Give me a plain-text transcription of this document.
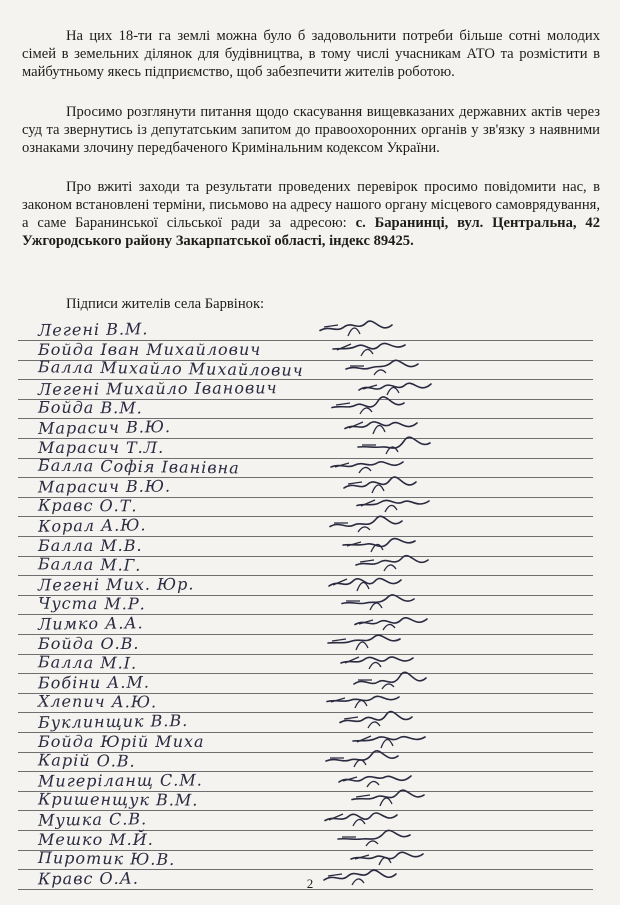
На цих 18-ти га землі можна було б задовольнити потреби більше сотні молодих сімей в земельних ділянок для будівництва, в тому числі учасникам АТО та розмістити в майбутньому якесь підприємство, щоб забезпечити жителів роботою.

Просимо розглянути питання щодо скасування вищевказаних державних актів через суд та звернутись із депутатським запитом до правоохоронних органів у зв'язку з наявними ознаками злочину передбаченого Кримінальним кодексом України.

Про вжиті заходи та результати проведених перевірок просимо повідомити нас, в законом встановлені терміни, письмово на адресу нашого органу місцевого самоврядування, а саме Баранинської сільської ради за адресою: с. Баранинці, вул. Центральна, 42 Ужгородського району Закарпатської області, індекс 89425.

Підписи жителів села Барвінок:

Легені В.М.
Бойда Іван Михайлович
Балла Михайло Михайлович
Легені Михайло Іванович
Бойда В.М.
Марасич В.Ю.
Марасич Т.Л.
Балла Софія Іванівна
Марасич В.Ю.
Кравс О.Т.
Корал А.Ю.
Балла М.В.
Балла М.Г.
Легені Мих. Юр.
Чуста М.Р.
Лимко А.А.
Бойда О.В.
Балла М.І.
Бобіни А.М.
Хлепич А.Ю.
Буклинщик В.В.
Бойда Юрій Миха
Карій О.В.
Мигеріланщ С.М.
Кришенщук В.М.
Мушка С.В.
Мешко М.Й.
Пиротик Ю.В.
Кравс О.А.	2
